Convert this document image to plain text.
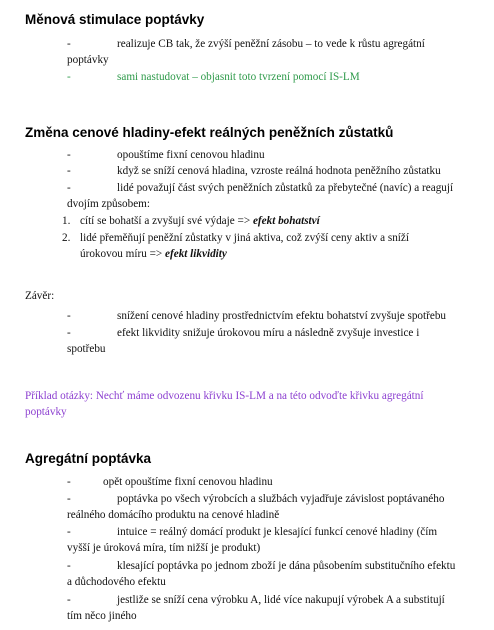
Měnová stimulace poptávky
-	realizuje CB tak, že zvýší peněžní zásobu – to vede k růstu agregátní
poptávky
-	sami nastudovat – objasnit toto tvrzení pomocí IS-LM
Změna cenové hladiny-efekt reálných peněžních zůstatků
-	opouštíme fixní cenovou hladinu
-	když se sníží cenová hladina, vzroste reálná hodnota peněžního zůstatku
-	lidé považují část svých peněžních zůstatků za přebytečné (navíc) a reagují
dvojím způsobem:
1. cítí se bohatší a zvyšují své výdaje => efekt bohatství
2. lidé přeměňují peněžní zůstatky v jiná aktiva, což zvýší ceny aktiv a sníží
úrokovou míru => efekt likvidity
Závěr:
-	snížení cenové hladiny prostřednictvím efektu bohatství zvyšuje spotřebu
-	efekt likvidity snižuje úrokovou míru a následně zvyšuje investice i
spotřebu
Příklad otázky: Nechť máme odvozenu křivku IS-LM a na této odvoďte křivku agregátní
poptávky
Agregátní poptávka
-	opět opouštíme fixní cenovou hladinu
-	poptávka po všech výrobcích a službách vyjadřuje závislost poptávaného
reálného domácího produktu na cenové hladině
-	intuice = reálný domácí produkt je klesající funkcí cenové hladiny (čím
vyšší je úroková míra, tím nižší je produkt)
-	klesající poptávka po jednom zboží je dána působením substitučního efektu
a důchodového efektu
-	jestliže se sníží cena výrobku A, lidé více nakupují výrobek A a substitují
tím něco jiného
